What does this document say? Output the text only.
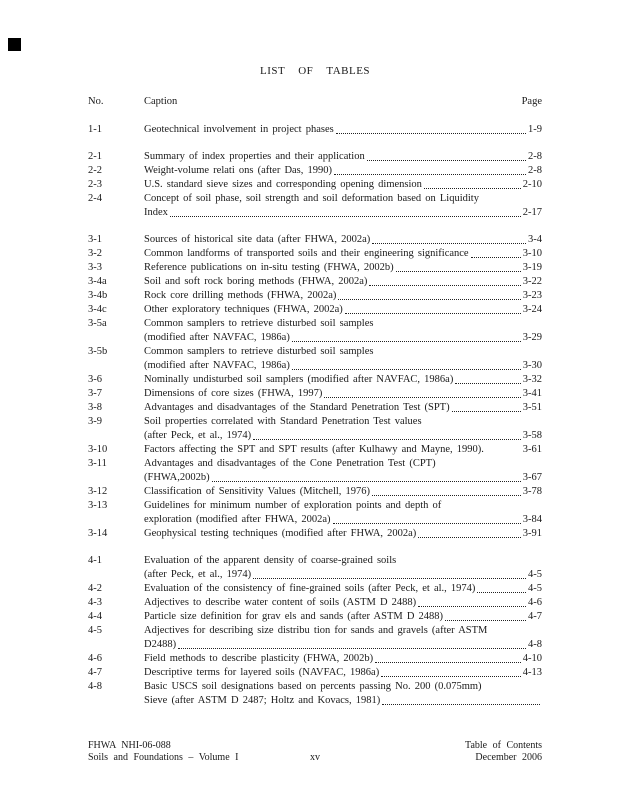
LIST OF TABLES
No.	Caption	Page
1-1	Geotechnical involvement in project phases	1-9
2-1	Summary of index properties and their application	2-8
2-2	Weight-volume relati ons (after Das, 1990)	2-8
2-3	U.S. standard sieve sizes and corresponding opening dimension	2-10
2-4	Concept of soil phase, soil strength and soil deformation based on Liquidity
Index	2-17
3-1	Sources of historical site data (after FHWA, 2002a)	3-4
3-2	Common landforms of transported soils and their engineering significance	3-10
3-3	Reference publications on in-situ testing (FHWA, 2002b)	3-19
3-4a	Soil and soft rock boring methods (FHWA, 2002a)	3-22
3-4b	Rock core drilling methods (FHWA, 2002a)	3-23
3-4c	Other exploratory techniques (FHWA, 2002a)	3-24
3-5a	Common samplers to retrieve disturbed soil samples
(modified after NAVFAC, 1986a)	3-29
3-5b	Common samplers to retrieve disturbed soil samples
(modified after NAVFAC, 1986a)	3-30
3-6	Nominally undisturbed soil samplers (modified after NAVFAC, 1986a)	3-32
3-7	Dimensions of core sizes (FHWA, 1997)	3-41
3-8	Advantages and disadvantages of the Standard Penetration Test (SPT)	3-51
3-9	Soil properties correlated with Standard Penetration Test values
(after Peck, et al., 1974)	3-58
3-10	Factors affecting the SPT and SPT results (after Kulhawy and Mayne, 1990).	3-61
3-11	Advantages and disadvantages of the Cone Penetration Test (CPT)
(FHWA,2002b)	3-67
3-12	Classification of Sensitivity Values (Mitchell, 1976)	3-78
3-13	Guidelines for minimum number of exploration points and depth of
exploration (modified after FHWA, 2002a)	3-84
3-14	Geophysical testing techniques (modified after FHWA, 2002a)	3-91
4-1	Evaluation of the apparent density of coarse-grained soils
(after Peck, et al., 1974)	4-5
4-2	Evaluation of the consistency of fine-grained soils (after Peck, et al., 1974)	4-5
4-3	Adjectives to describe water content of soils (ASTM D 2488)	4-6
4-4	Particle size definition for grav els and sands (after ASTM D 2488)	4-7
4-5	Adjectives for describing size distribu tion for sands and gravels (after ASTM
D2488)	4-8
4-6	Field methods to describe plasticity (FHWA, 2002b)	4-10
4-7	Descriptive terms for layered soils (NAVFAC, 1986a)	4-13
4-8	Basic USCS soil designations based on percents passing No. 200 (0.075mm)
Sieve (after ASTM D 2487; Holtz and Kovacs, 1981)
FHWA NHI-06-088
Soils and Foundations – Volume I	xv
Table of Contents
December 2006
